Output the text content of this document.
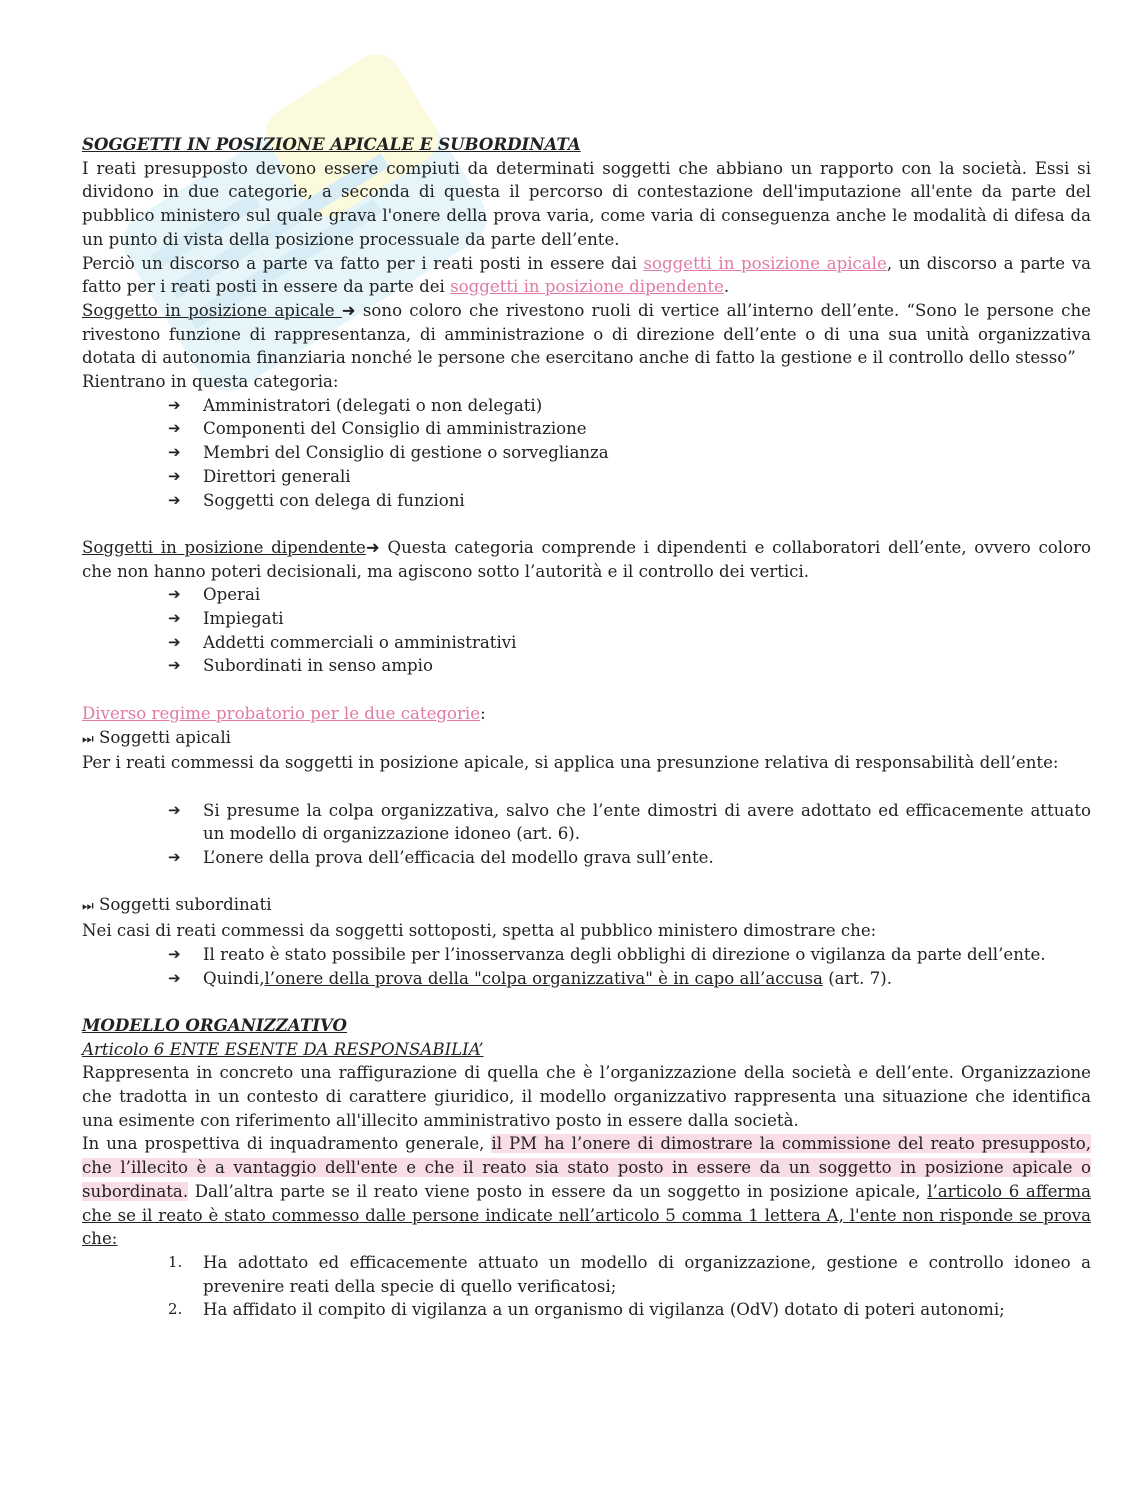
SOGGETTI IN POSIZIONE APICALE E SUBORDINATA

I reati presupposto devono essere compiuti da determinati soggetti che abbiano un rapporto con la società. Essi si dividono in due categorie, a seconda di questa il percorso di contestazione dell'imputazione all'ente da parte del pubblico ministero sul quale grava l'onere della prova varia, come varia di conseguenza anche le modalità di difesa da un punto di vista della posizione processuale da parte dell’ente.

Perciò un discorso a parte va fatto per i reati posti in essere dai soggetti in posizione apicale, un discorso a parte va fatto per i reati posti in essere da parte dei soggetti in posizione dipendente.

Soggetto in posizione apicale ➜ sono coloro che rivestono ruoli di vertice all’interno dell’ente. “Sono le persone che rivestono funzione di rappresentanza, di amministrazione o di direzione dell’ente o di una sua unità organizzativa dotata di autonomia finanziaria nonché le persone che esercitano anche di fatto la gestione e il controllo dello stesso”

Rientrano in questa categoria:

➔ Amministratori (delegati o non delegati)
➔ Componenti del Consiglio di amministrazione
➔ Membri del Consiglio di gestione o sorveglianza
➔ Direttori generali
➔ Soggetti con delega di funzioni

Soggetti in posizione dipendente➜ Questa categoria comprende i dipendenti e collaboratori dell’ente, ovvero coloro che non hanno poteri decisionali, ma agiscono sotto l’autorità e il controllo dei vertici.

➔ Operai
➔ Impiegati
➔ Addetti commerciali o amministrativi
➔ Subordinati in senso ampio

Diverso regime probatorio per le due categorie:

⏭ Soggetti apicali

Per i reati commessi da soggetti in posizione apicale, si applica una presunzione relativa di responsabilità dell’ente:

➔ Si presume la colpa organizzativa, salvo che l’ente dimostri di avere adottato ed efficacemente attuato un modello di organizzazione idoneo (art. 6).
➔ L’onere della prova dell’efficacia del modello grava sull’ente.

⏭ Soggetti subordinati

Nei casi di reati commessi da soggetti sottoposti, spetta al pubblico ministero dimostrare che:

➔ Il reato è stato possibile per l’inosservanza degli obblighi di direzione o vigilanza da parte dell’ente.
➔ Quindi,l’onere della prova della "colpa organizzativa" è in capo all’accusa (art. 7).

MODELLO ORGANIZZATIVO

Articolo 6 ENTE ESENTE DA RESPONSABILIA’

Rappresenta in concreto una raffigurazione di quella che è l’organizzazione della società e dell’ente. Organizzazione che tradotta in un contesto di carattere giuridico, il modello organizzativo rappresenta una situazione che identifica una esimente con riferimento all'illecito amministrativo posto in essere dalla società.

In una prospettiva di inquadramento generale, il PM ha l’onere di dimostrare la commissione del reato presupposto, che l’illecito è a vantaggio dell'ente e che il reato sia stato posto in essere da un soggetto in posizione apicale o subordinata. Dall’altra parte se il reato viene posto in essere da un soggetto in posizione apicale, l’articolo 6 afferma che se il reato è stato commesso dalle persone indicate nell’articolo 5 comma 1 lettera A, l'ente non risponde se prova che:

1. Ha adottato ed efficacemente attuato un modello di organizzazione, gestione e controllo idoneo a prevenire reati della specie di quello verificatosi;
2. Ha affidato il compito di vigilanza a un organismo di vigilanza (OdV) dotato di poteri autonomi;
